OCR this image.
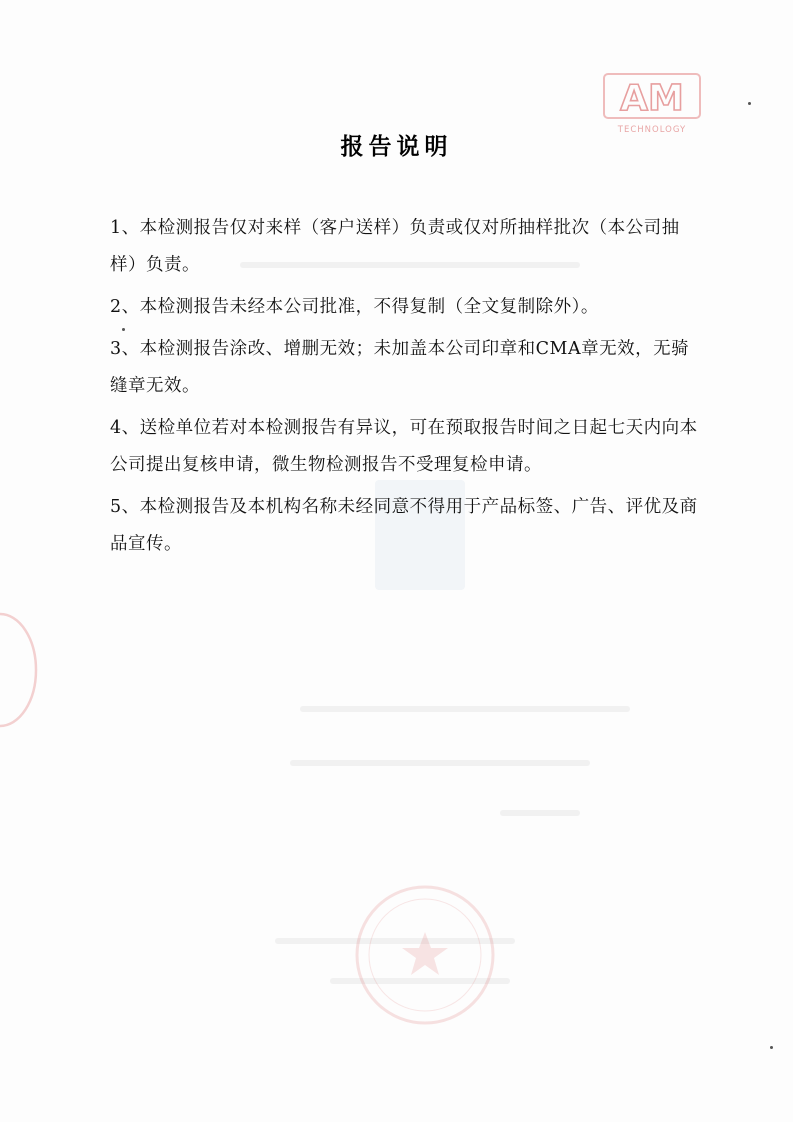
AM
TECHNOLOGY
报告说明

1、本检测报告仅对来样（客户送样）负责或仅对所抽样批次（本公司抽样）负责。

2、本检测报告未经本公司批准，不得复制（全文复制除外）。

3、本检测报告涂改、增删无效；未加盖本公司印章和CMA章无效，无骑缝章无效。

4、送检单位若对本检测报告有异议，可在预取报告时间之日起七天内向本公司提出复核申请，微生物检测报告不受理复检申请。

5、本检测报告及本机构名称未经同意不得用于产品标签、广告、评优及商品宣传。
